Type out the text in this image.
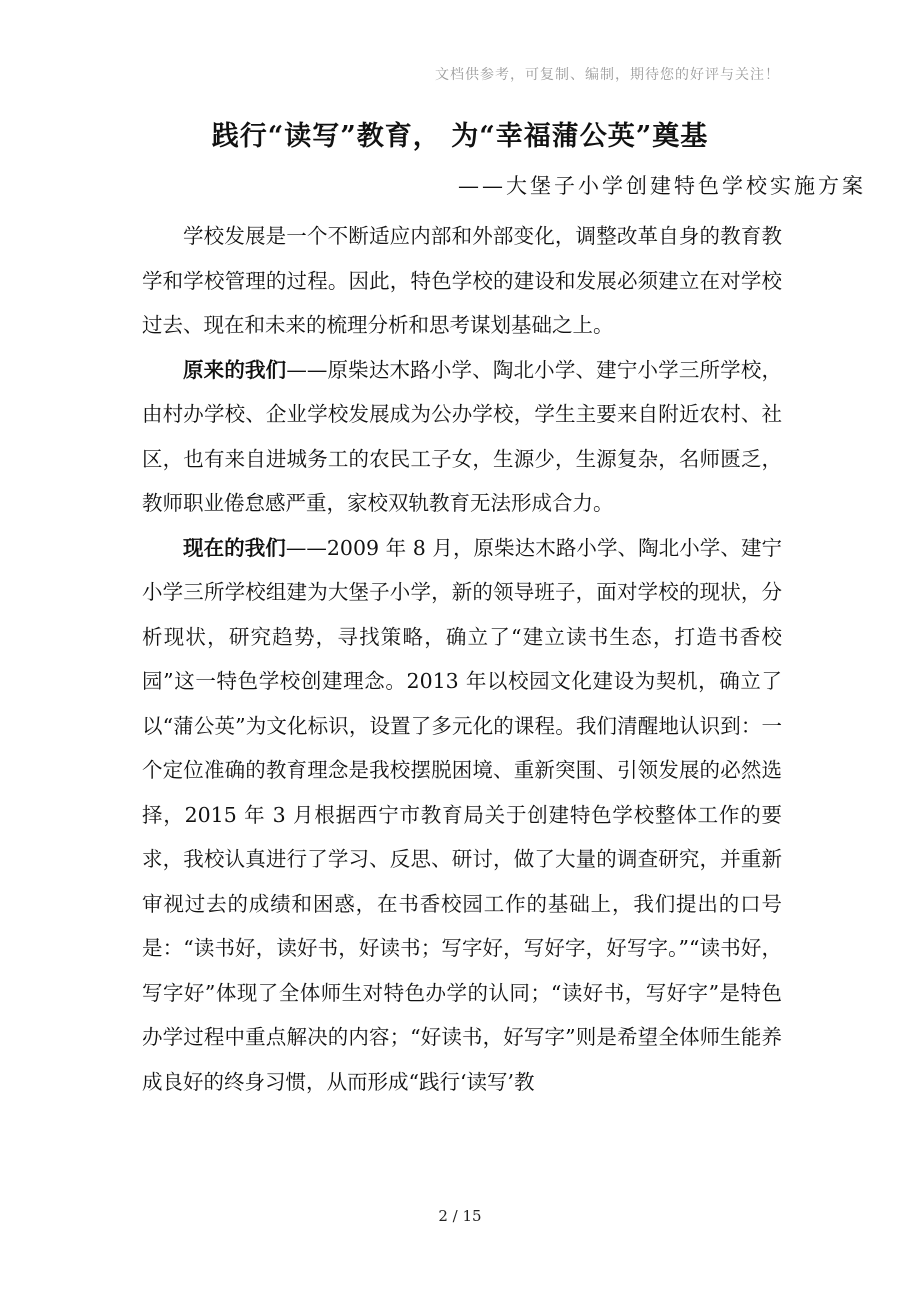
文档供参考，可复制、编制，期待您的好评与关注！
践行“读写”教育， 为“幸福蒲公英”奠基
——大堡子小学创建特色学校实施方案

学校发展是一个不断适应内部和外部变化，调整改革自身的教育教学和学校管理的过程。因此，特色学校的建设和发展必须建立在对学校过去、现在和未来的梳理分析和思考谋划基础之上。

原来的我们——原柴达木路小学、陶北小学、建宁小学三所学校，由村办学校、企业学校发展成为公办学校，学生主要来自附近农村、社区，也有来自进城务工的农民工子女，生源少，生源复杂，名师匮乏，教师职业倦怠感严重，家校双轨教育无法形成合力。

现在的我们——2009 年 8 月，原柴达木路小学、陶北小学、建宁小学三所学校组建为大堡子小学，新的领导班子，面对学校的现状，分析现状，研究趋势，寻找策略，确立了“建立读书生态，打造书香校园”这一特色学校创建理念。2013 年以校园文化建设为契机，确立了以“蒲公英”为文化标识，设置了多元化的课程。我们清醒地认识到：一个定位准确的教育理念是我校摆脱困境、重新突围、引领发展的必然选择，2015 年 3 月根据西宁市教育局关于创建特色学校整体工作的要求，我校认真进行了学习、反思、研讨，做了大量的调查研究，并重新审视过去的成绩和困惑，在书香校园工作的基础上，我们提出的口号是：“读书好，读好书，好读书；写字好，写好字，好写字。”“读书好，写字好”体现了全体师生对特色办学的认同；“读好书，写好字”是特色办学过程中重点解决的内容；“好读书，好写字”则是希望全体师生能养成良好的终身习惯，从而形成“践行‘读写’教

2 / 15
